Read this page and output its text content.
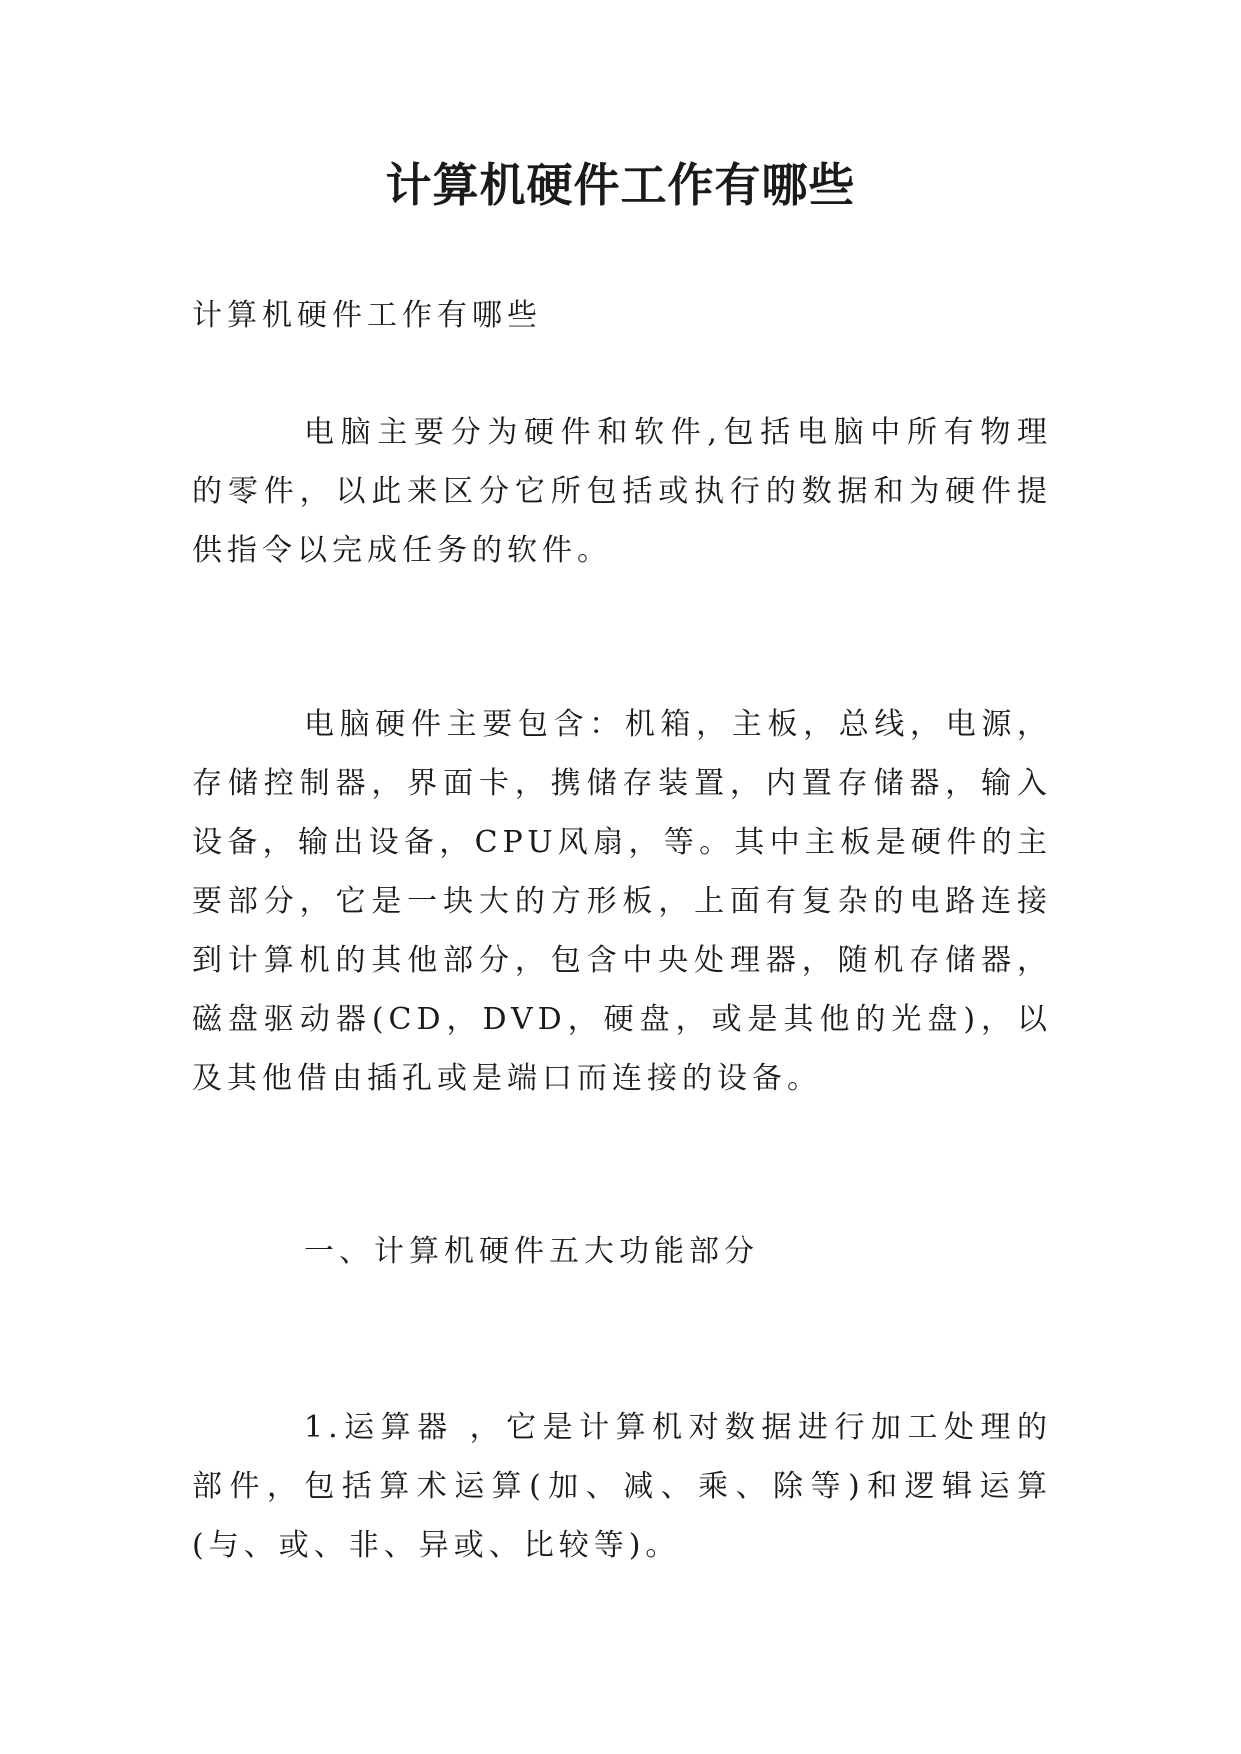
计算机硬件工作有哪些

计算机硬件工作有哪些

电脑主要分为硬件和软件,包括电脑中所有物理的零件，以此来区分它所包括或执行的数据和为硬件提供指令以完成任务的软件。

电脑硬件主要包含：机箱，主板，总线，电源，存储控制器，界面卡，携储存装置，内置存储器，输入设备，输出设备，CPU风扇，等。其中主板是硬件的主要部分，它是一块大的方形板，上面有复杂的电路连接到计算机的其他部分，包含中央处理器，随机存储器，磁盘驱动器(CD，DVD，硬盘，或是其他的光盘)，以及其他借由插孔或是端口而连接的设备。

一、计算机硬件五大功能部分

1.运算器 ，它是计算机对数据进行加工处理的部件，包括算术运算(加、减、乘、除等)和逻辑运算(与、或、非、异或、比较等)。
